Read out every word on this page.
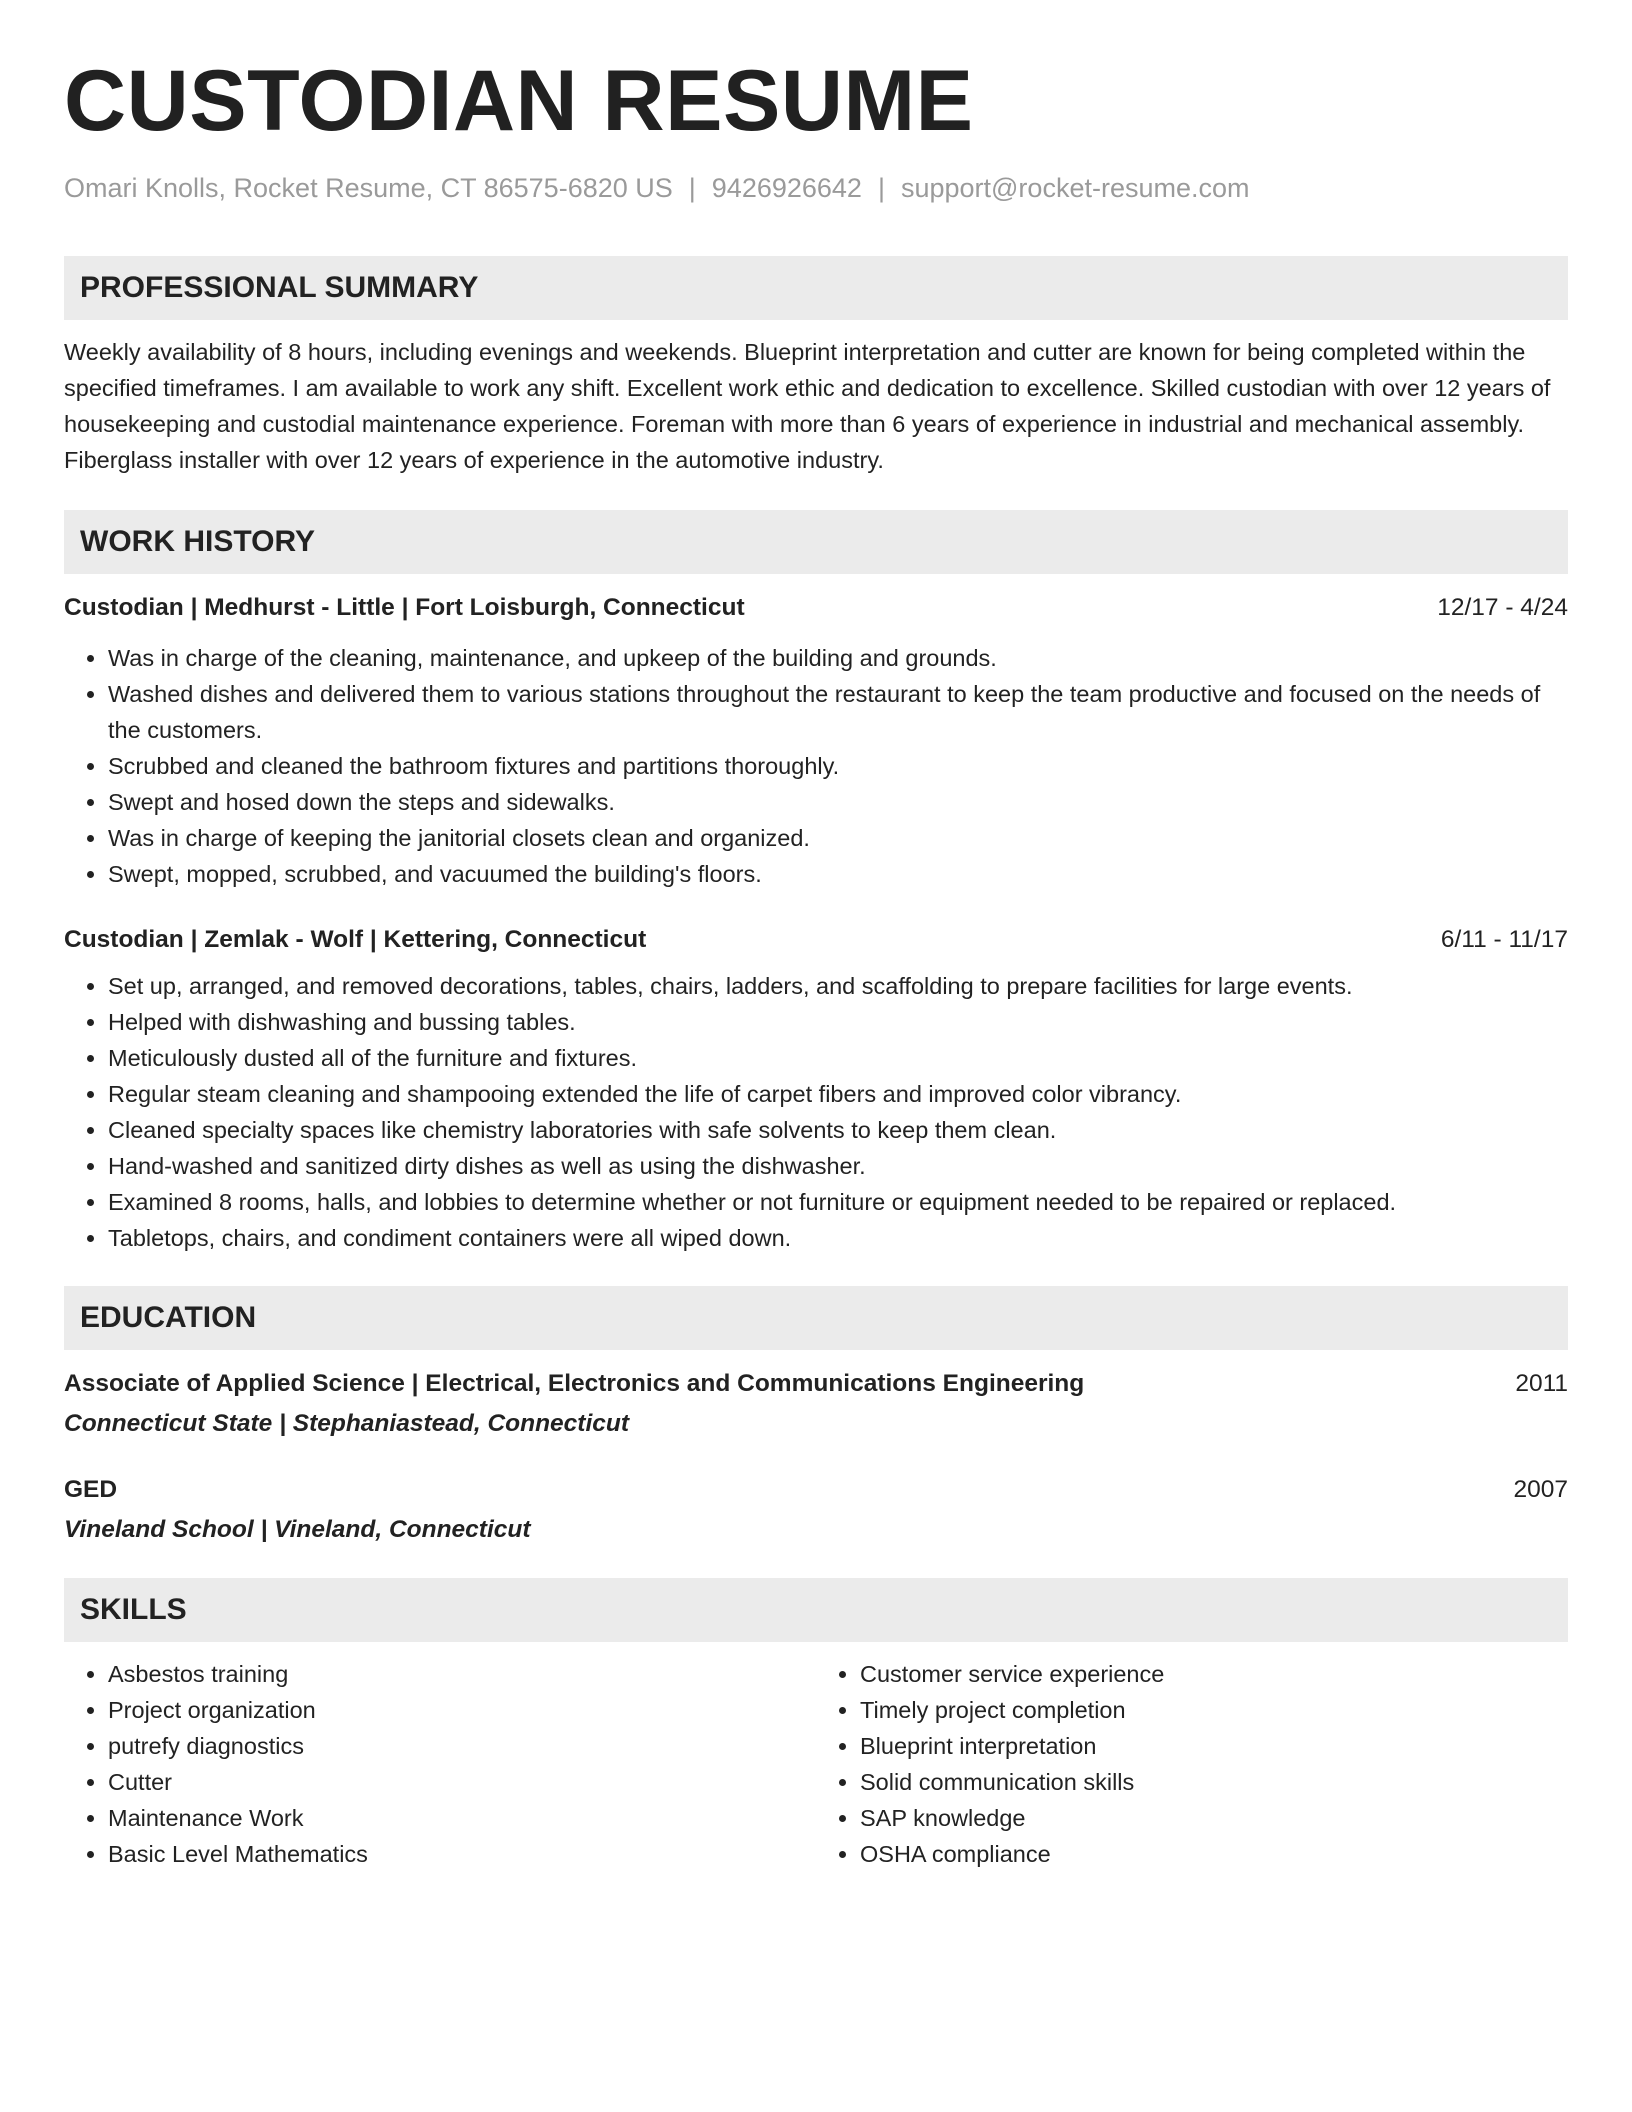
CUSTODIAN RESUME
Omari Knolls, Rocket Resume, CT 86575-6820 US | 9426926642 | support@rocket-resume.com
PROFESSIONAL SUMMARY
Weekly availability of 8 hours, including evenings and weekends. Blueprint interpretation and cutter are known for being completed within the specified timeframes. I am available to work any shift. Excellent work ethic and dedication to excellence. Skilled custodian with over 12 years of housekeeping and custodial maintenance experience. Foreman with more than 6 years of experience in industrial and mechanical assembly. Fiberglass installer with over 12 years of experience in the automotive industry.
WORK HISTORY
Custodian | Medhurst - Little | Fort Loisburgh, Connecticut	12/17 - 4/24
• Was in charge of the cleaning, maintenance, and upkeep of the building and grounds.
• Washed dishes and delivered them to various stations throughout the restaurant to keep the team productive and focused on the needs of the customers.
• Scrubbed and cleaned the bathroom fixtures and partitions thoroughly.
• Swept and hosed down the steps and sidewalks.
• Was in charge of keeping the janitorial closets clean and organized.
• Swept, mopped, scrubbed, and vacuumed the building's floors.
Custodian | Zemlak - Wolf | Kettering, Connecticut	6/11 - 11/17
• Set up, arranged, and removed decorations, tables, chairs, ladders, and scaffolding to prepare facilities for large events.
• Helped with dishwashing and bussing tables.
• Meticulously dusted all of the furniture and fixtures.
• Regular steam cleaning and shampooing extended the life of carpet fibers and improved color vibrancy.
• Cleaned specialty spaces like chemistry laboratories with safe solvents to keep them clean.
• Hand-washed and sanitized dirty dishes as well as using the dishwasher.
• Examined 8 rooms, halls, and lobbies to determine whether or not furniture or equipment needed to be repaired or replaced.
• Tabletops, chairs, and condiment containers were all wiped down.
EDUCATION
Associate of Applied Science | Electrical, Electronics and Communications Engineering	2011
Connecticut State | Stephaniastead, Connecticut
GED	2007
Vineland School | Vineland, Connecticut
SKILLS
• Asbestos training
• Project organization
• putrefy diagnostics
• Cutter
• Maintenance Work
• Basic Level Mathematics
• Customer service experience
• Timely project completion
• Blueprint interpretation
• Solid communication skills
• SAP knowledge
• OSHA compliance
